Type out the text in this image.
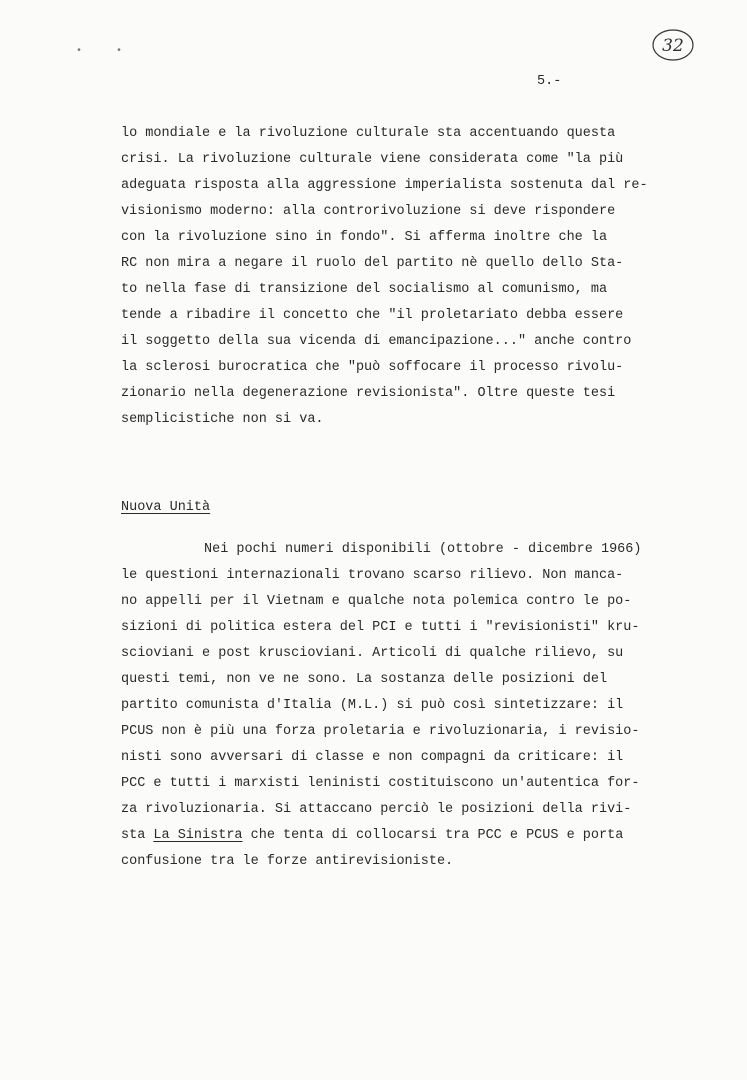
• •	32
5.-
lo mondiale e la rivoluzione culturale sta accentuando questa
crisi. La rivoluzione culturale viene considerata come "la più
adeguata risposta alla aggressione imperialista sostenuta dal re-
visionismo moderno: alla controrivoluzione si deve rispondere
con la rivoluzione sino in fondo". Si afferma inoltre che la
RC non mira a negare il ruolo del partito nè quello dello Sta-
to nella fase di transizione del socialismo al comunismo, ma
tende a ribadire il concetto che "il proletariato debba essere
il soggetto della sua vicenda di emancipazione..." anche contro
la sclerosi burocratica che "può soffocare il processo rivolu-
zionario nella degenerazione revisionista". Oltre queste tesi
semplicistiche non si va.
Nuova Unità
Nei pochi numeri disponibili (ottobre - dicembre 1966)
le questioni internazionali trovano scarso rilievo. Non manca-
no appelli per il Vietnam e qualche nota polemica contro le po-
sizioni di politica estera del PCI e tutti i "revisionisti" kru-
scioviani e post kruscioviani. Articoli di qualche rilievo, su
questi temi, non ve ne sono. La sostanza delle posizioni del
partito comunista d'Italia (M.L.) si può così sintetizzare: il
PCUS non è più una forza proletaria e rivoluzionaria, i revisio-
nisti sono avversari di classe e non compagni da criticare: il
PCC e tutti i marxisti leninisti costituiscono un'autentica for-
za rivoluzionaria. Si attaccano perciò le posizioni della rivi-
sta La Sinistra che tenta di collocarsi tra PCC e PCUS e porta
confusione tra le forze antirevisioniste.
